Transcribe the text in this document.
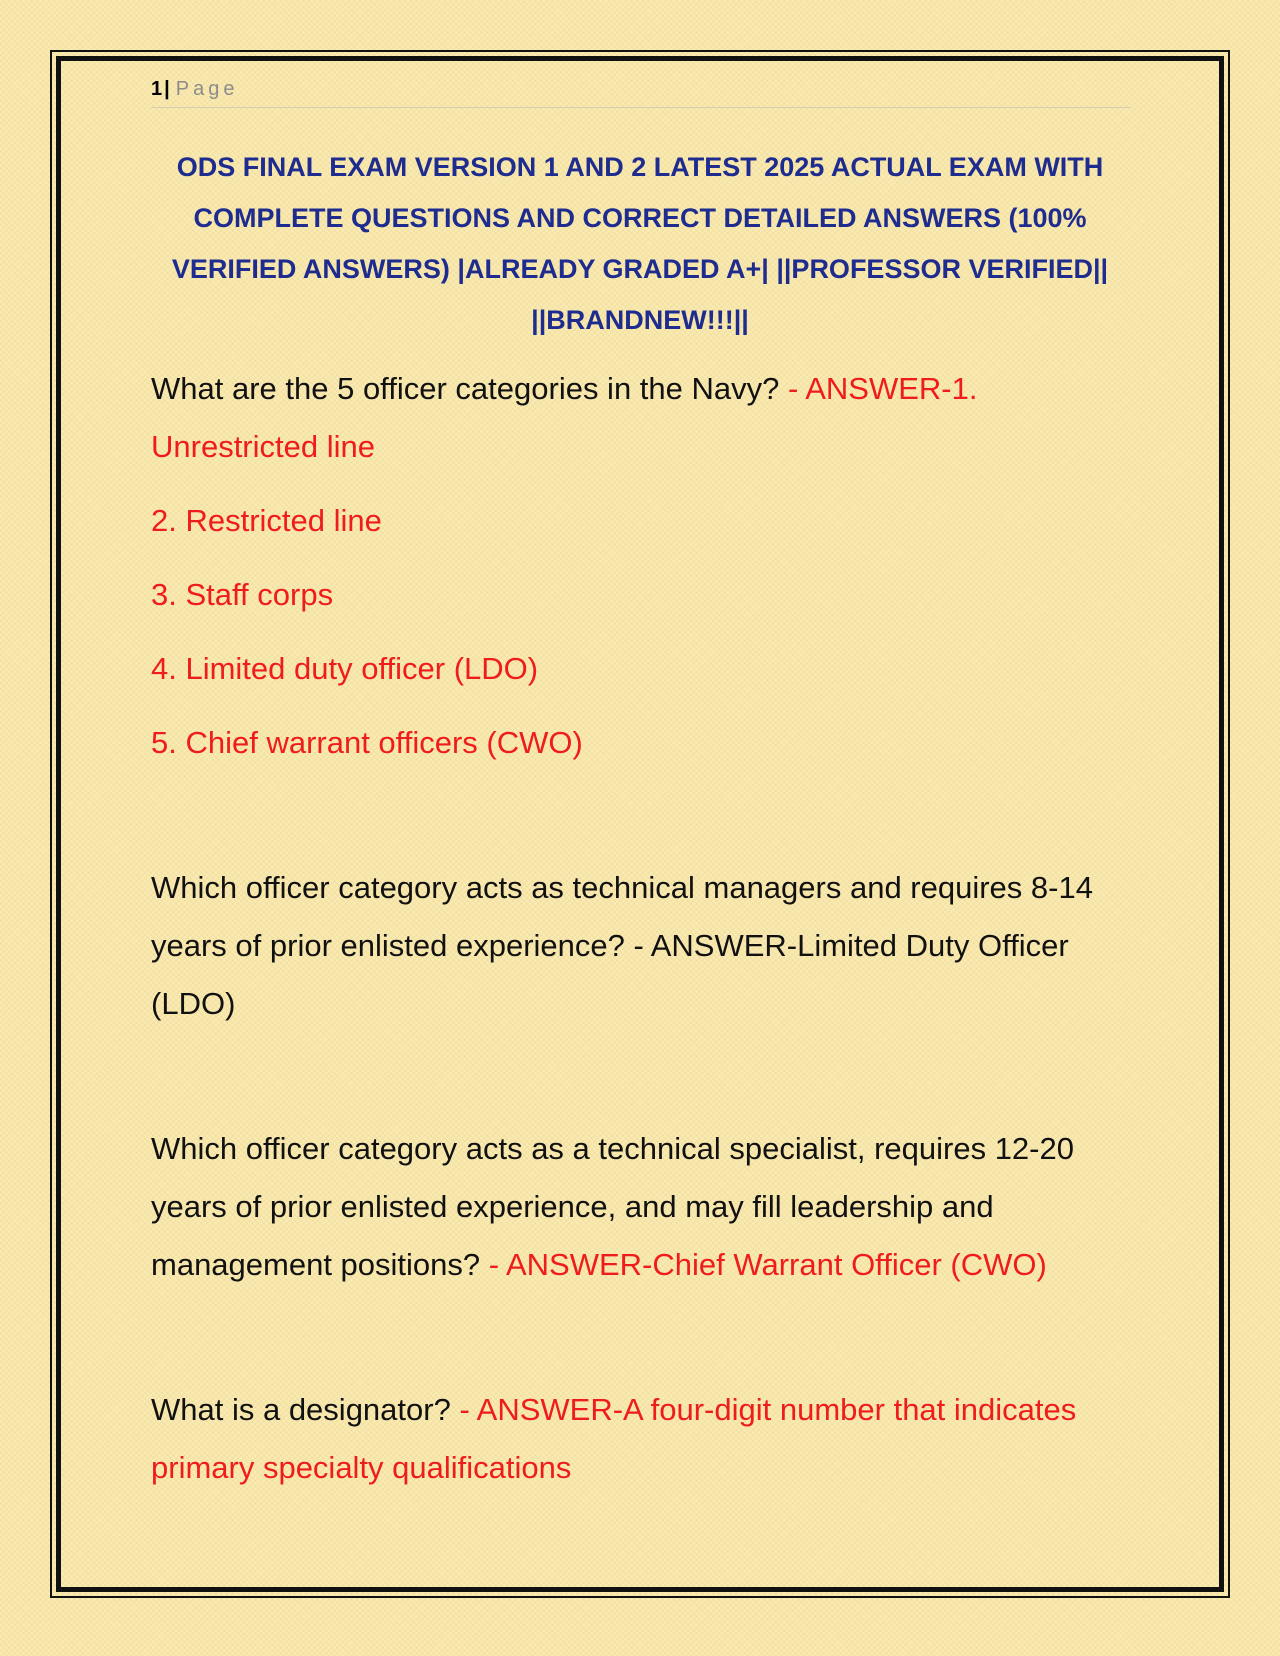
1 | Page
ODS FINAL EXAM VERSION 1 AND 2 LATEST 2025 ACTUAL EXAM WITH COMPLETE QUESTIONS AND CORRECT DETAILED ANSWERS (100% VERIFIED ANSWERS) |ALREADY GRADED A+| ||PROFESSOR VERIFIED|| ||BRANDNEW!!!||

What are the 5 officer categories in the Navy? - ANSWER-1. Unrestricted line

2. Restricted line

3. Staff corps

4. Limited duty officer (LDO)

5. Chief warrant officers (CWO)

Which officer category acts as technical managers and requires 8-14 years of prior enlisted experience? - ANSWER-Limited Duty Officer (LDO)

Which officer category acts as a technical specialist, requires 12-20 years of prior enlisted experience, and may fill leadership and management positions? - ANSWER-Chief Warrant Officer (CWO)

What is a designator? - ANSWER-A four-digit number that indicates primary specialty qualifications
